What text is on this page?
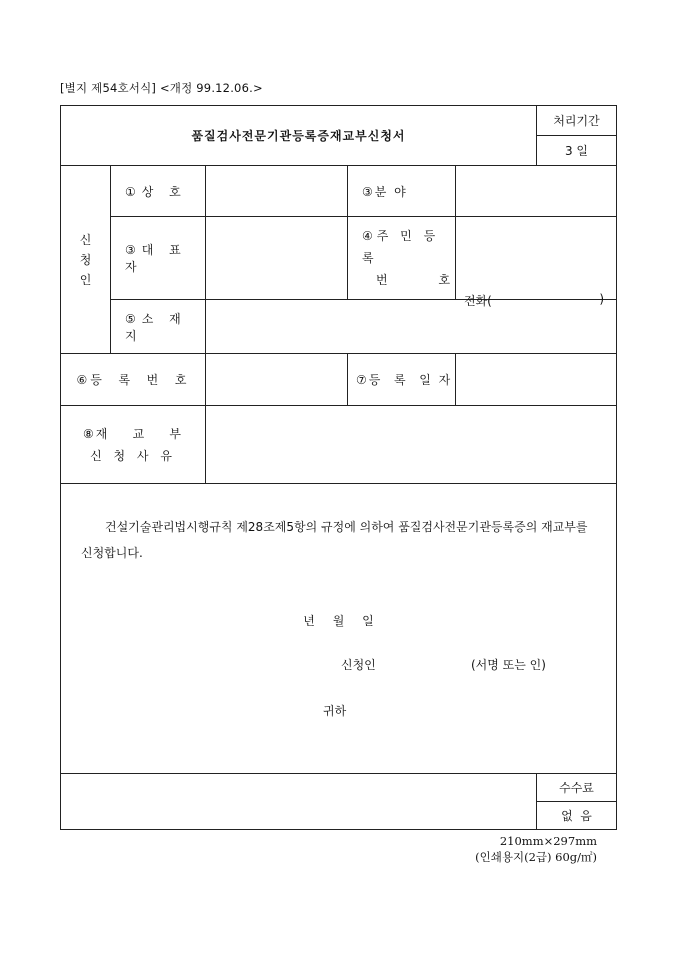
[별지 제54호서식] <개정 99.12.06.>
품질검사전문기관등록증재교부신청서					처리기간
					3 일

신
청
인	①상 호		③분 야		
	③대 표 자		④주 민 등 록
번      호		

	⑤소 재 지	전화( )			

⑥등  록  번  호			⑦등  록  일 자		

⑧재    교    부
신 청 사 유					

건설기술관리법시행규칙 제28조제5항의 규정에 의하여 품질검사전문기관등록증의 재교부를 신청합니다.
년 월 일
신청인 (서명 또는 인)
귀하					

					수수료
					없  음
210mm×297mm
(인쇄용지(2급) 60g/㎡)
